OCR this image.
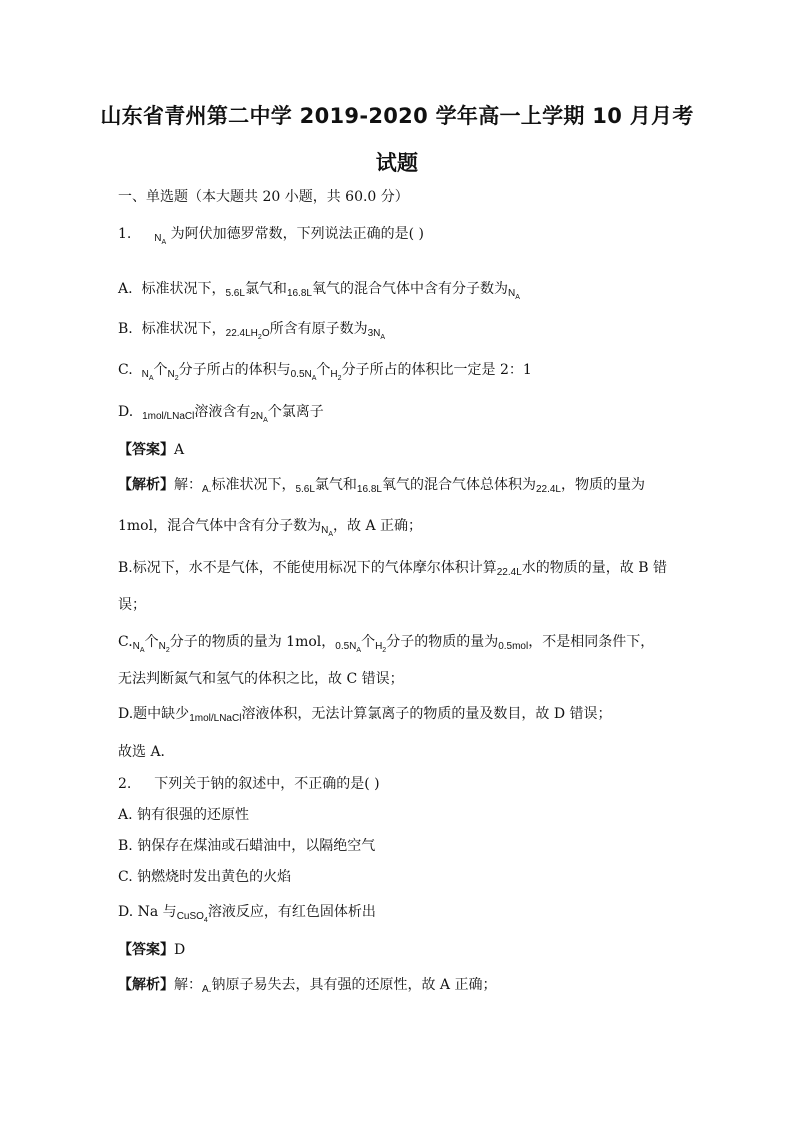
山东省青州第二中学 2019-2020 学年高一上学期 10 月月考
试题
一、单选题（本大题共 20 小题，共 60.0 分）
1. $_{N_A}$ 为阿伏加德罗常数，下列说法正确的是( )
A. 标准状况下，$_{5.6L}$氯气和$_{16.8L}$氧气的混合气体中含有分子数为$_{N_A}$
B. 标准状况下，$_{22.4LH_2O}$所含有原子数为$_{3N_A}$
C. $_{N_A}$个$_{N_2}$分子所占的体积与$_{0.5N_A}$个$_{H_2}$分子所占的体积比一定是 2：1
D. $_{1mol/LNaCl}$溶液含有$_{2N_A}$个氯离子
【答案】A
【解析】解：$_{A.}$标准状况下，$_{5.6L}$氯气和$_{16.8L}$氧气的混合气体总体积为$_{22.4L}$，物质的量为
1mol，混合气体中含有分子数为$_{N_A}$，故 A 正确；
B.标况下，水不是气体，不能使用标况下的气体摩尔体积计算$_{22.4L}$水的物质的量，故 B 错
误；
$C._{N_A}$个$_{N_2}$分子的物质的量为 1mol，$_{0.5N_A}$个$_{H_2}$分子的物质的量为$_{0.5mol}$，不是相同条件下，
无法判断氮气和氢气的体积之比，故 C 错误；
D.题中缺少$_{1mol/LNaCl}$溶液体积，无法计算氯离子的物质的量及数目，故 D 错误；
故选 A．
2. 下列关于钠的叙述中，不正确的是( )
A. 钠有很强的还原性
B. 钠保存在煤油或石蜡油中，以隔绝空气
C. 钠燃烧时发出黄色的火焰
D. Na 与$_{CuSO_4}$溶液反应，有红色固体析出
【答案】D
【解析】解：$_{A.}$钠原子易失去，具有强的还原性，故 A 正确；
